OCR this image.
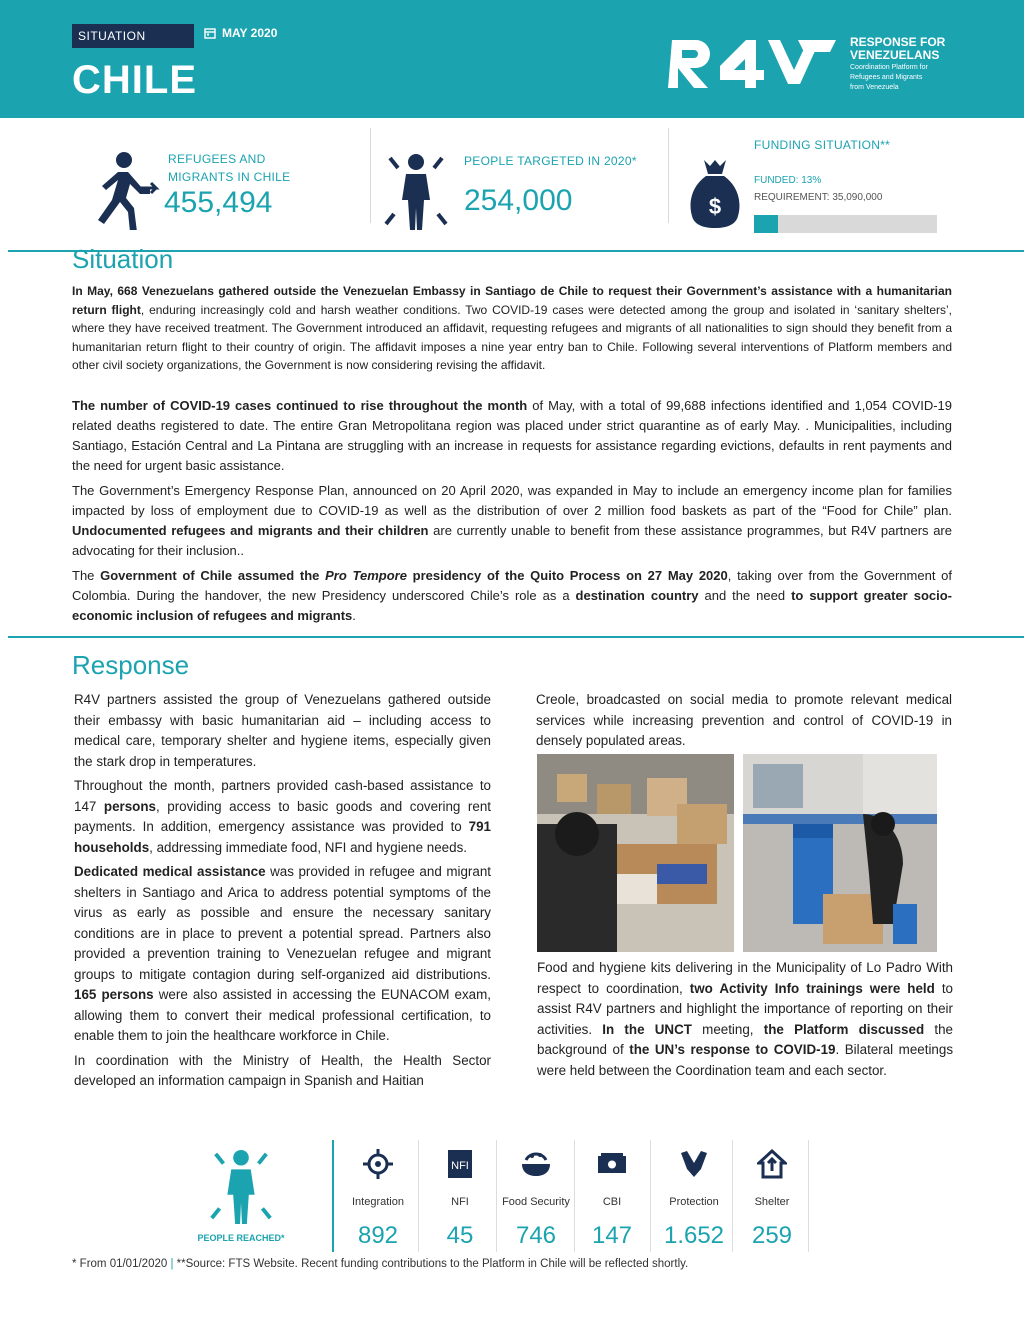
SITUATION	MAY 2020
CHILE
RESPONSE FOR
VENEZUELANS
Coordination Platform for
Refugees and Migrants
from Venezuela
REFUGEES AND
MIGRANTS IN CHILE
455,494
PEOPLE TARGETED IN 2020*
254,000	$
FUNDING SITUATION**
FUNDED: 13%
REQUIREMENT: 35,090,000
Situation
In May, 668 Venezuelans gathered outside the Venezuelan Embassy in Santiago de Chile to request their Government’s assistance with a humanitarian return flight, enduring increasingly cold and harsh weather conditions. Two COVID-19 cases were detected among the group and isolated in ‘sanitary shelters’, where they have received treatment. The Government introduced an affidavit, requesting refugees and migrants of all nationalities to sign should they benefit from a humanitarian return flight to their country of origin. The affidavit imposes a nine year entry ban to Chile. Following several interventions of Platform members and other civil society organizations, the Government is now considering revising the affidavit.
The number of COVID-19 cases continued to rise throughout the month of May, with a total of 99,688 infections identified and 1,054 COVID-19 related deaths registered to date. The entire Gran Metropolitana region was placed under strict quarantine as of early May. . Municipalities, including Santiago, Estación Central and La Pintana are struggling with an increase in requests for assistance regarding evictions, defaults in rent payments and the need for urgent basic assistance.
The Government’s Emergency Response Plan, announced on 20 April 2020, was expanded in May to include an emergency income plan for families impacted by loss of employment due to COVID-19 as well as the distribution of over 2 million food baskets as part of the “Food for Chile” plan. Undocumented refugees and migrants and their children are currently unable to benefit from these assistance programmes, but R4V partners are advocating for their inclusion..
The Government of Chile assumed the Pro Tempore presidency of the Quito Process on 27 May 2020, taking over from the Government of Colombia. During the handover, the new Presidency underscored Chile’s role as a destination country and the need to support greater socio-economic inclusion of refugees and migrants.
Response

R4V partners assisted the group of Venezuelans gathered outside their embassy with basic humanitarian aid – including access to medical care, temporary shelter and hygiene items, especially given the stark drop in temperatures.

Throughout the month, partners provided cash-based assistance to 147 persons, providing access to basic goods and covering rent payments. In addition, emergency assistance was provided to 791 households, addressing immediate food, NFI and hygiene needs.

Dedicated medical assistance was provided in refugee and migrant shelters in Santiago and Arica to address potential symptoms of the virus as early as possible and ensure the necessary sanitary conditions are in place to prevent a potential spread. Partners also provided a prevention training to Venezuelan refugee and migrant groups to mitigate contagion during self-organized aid distributions. 165 persons were also assisted in accessing the EUNACOM exam, allowing them to convert their medical professional certification, to enable them to join the healthcare workforce in Chile.

In coordination with the Ministry of Health, the Health Sector developed an information campaign in Spanish and Haitian

Creole, broadcasted on social media to promote relevant medical services while increasing prevention and control of COVID-19 in densely populated areas.

Food and hygiene kits delivering in the Municipality of Lo Padro With respect to coordination, two Activity Info trainings were held to assist R4V partners and highlight the importance of reporting on their activities. In the UNCT meeting, the Platform discussed the background of the UN’s response to COVID-19. Bilateral meetings were held between the Coordination team and each sector.

PEOPLE REACHED*
Integration
892
NFI
NFI
45
Food Security
746
CBI
147
Protection
1.652
Shelter
259
* From 01/01/2020 | **Source: FTS Website. Recent funding contributions to the Platform in Chile will be reflected shortly.
